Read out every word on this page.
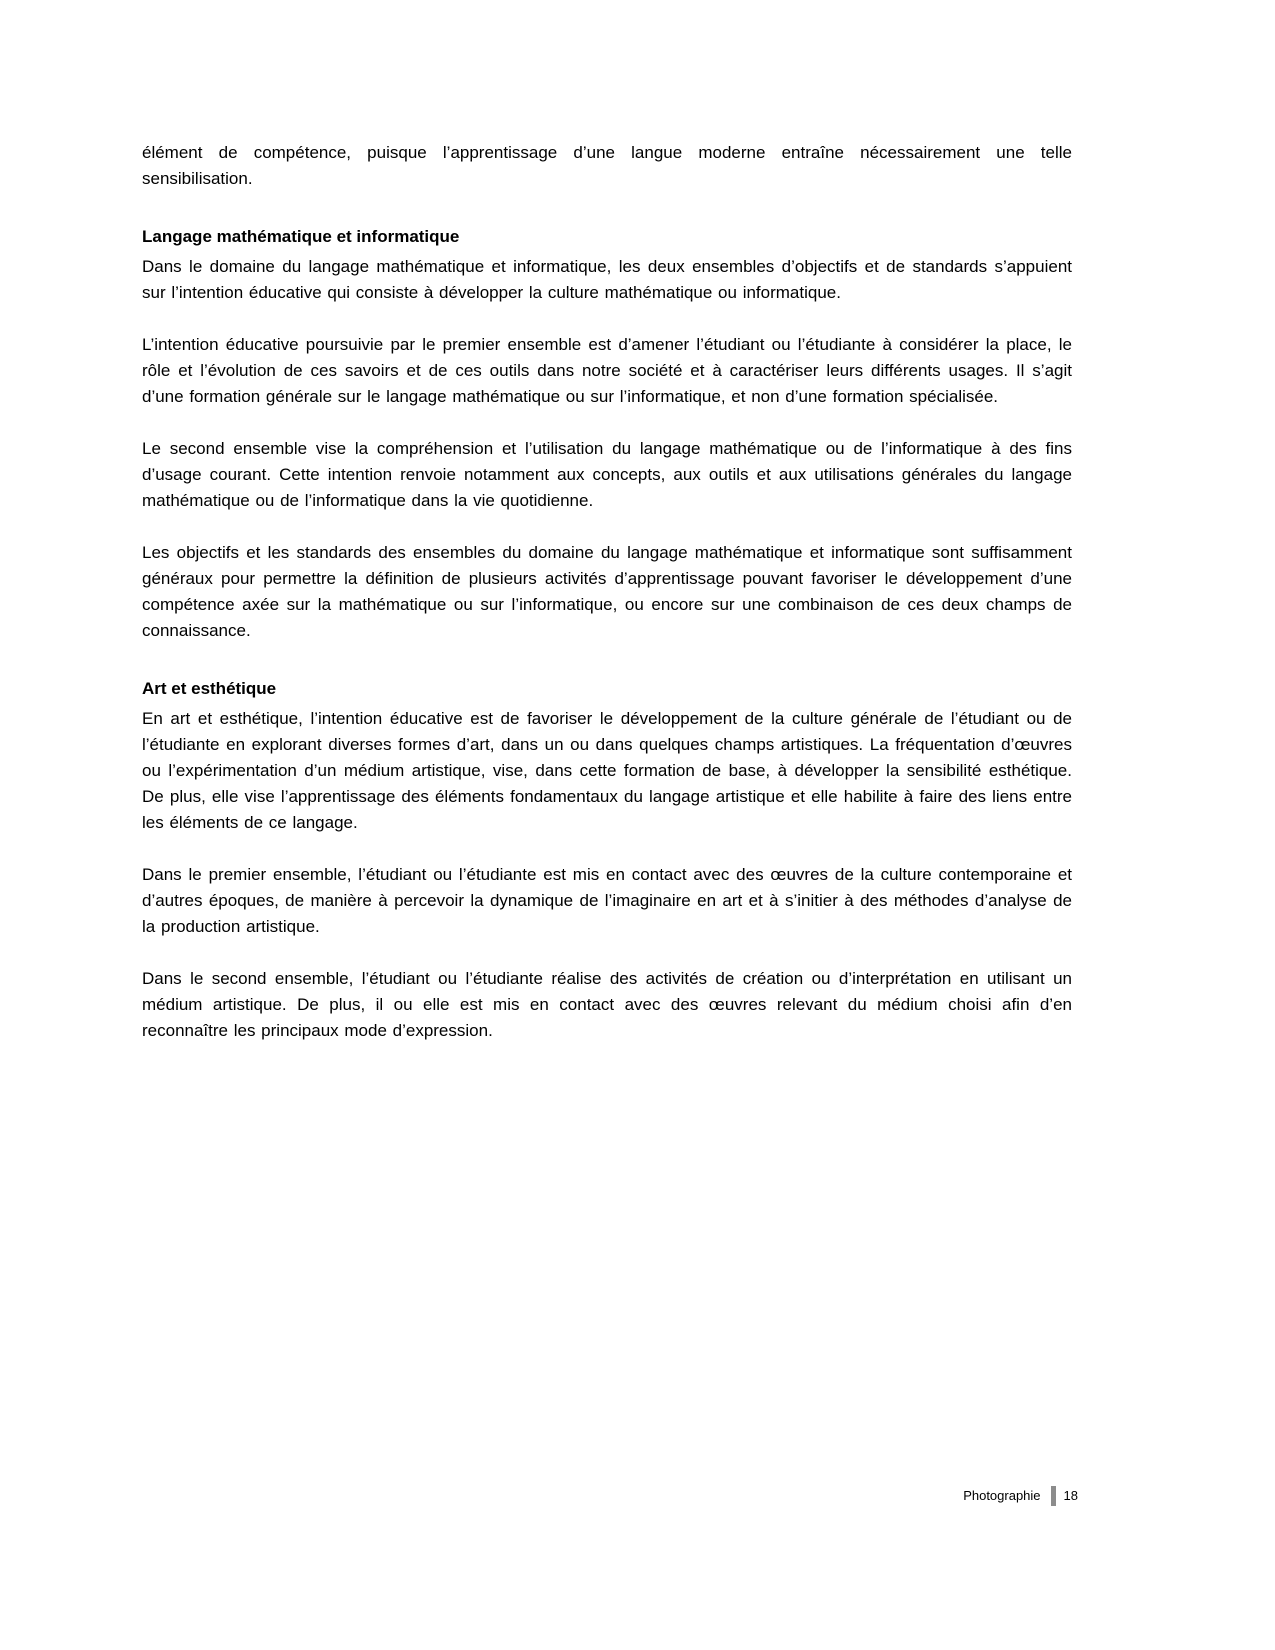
élément de compétence, puisque l’apprentissage d’une langue moderne entraîne nécessairement une telle sensibilisation.

Langage mathématique et informatique

Dans le domaine du langage mathématique et informatique, les deux ensembles d’objectifs et de standards s’appuient sur l’intention éducative qui consiste à développer la culture mathématique ou informatique.

L’intention éducative poursuivie par le premier ensemble est d’amener l’étudiant ou l’étudiante à considérer la place, le rôle et l’évolution de ces savoirs et de ces outils dans notre société et à caractériser leurs différents usages. Il s’agit d’une formation générale sur le langage mathématique ou sur l’informatique, et non d’une formation spécialisée.

Le second ensemble vise la compréhension et l’utilisation du langage mathématique ou de l’informatique à des fins d’usage courant. Cette intention renvoie notamment aux concepts, aux outils et aux utilisations générales du langage mathématique ou de l’informatique dans la vie quotidienne.

Les objectifs et les standards des ensembles du domaine du langage mathématique et informatique sont suffisamment généraux pour permettre la définition de plusieurs activités d’apprentissage pouvant favoriser le développement d’une compétence axée sur la mathématique ou sur l’informatique, ou encore sur une combinaison de ces deux champs de connaissance.

Art et esthétique

En art et esthétique, l’intention éducative est de favoriser le développement de la culture générale de l’étudiant ou de l’étudiante en explorant diverses formes d’art, dans un ou dans quelques champs artistiques. La fréquentation d’œuvres ou l’expérimentation d’un médium artistique, vise, dans cette formation de base, à développer la sensibilité esthétique. De plus, elle vise l’apprentissage des éléments fondamentaux du langage artistique et elle habilite à faire des liens entre les éléments de ce langage.

Dans le premier ensemble, l’étudiant ou l’étudiante est mis en contact avec des œuvres de la culture contemporaine et d’autres époques, de manière à percevoir la dynamique de l’imaginaire en art et à s’initier à des méthodes d’analyse de la production artistique.

Dans le second ensemble, l’étudiant ou l’étudiante réalise des activités de création ou d’interprétation en utilisant un médium artistique. De plus, il ou elle est mis en contact avec des œuvres relevant du médium choisi afin d’en reconnaître les principaux mode d’expression.

Photographie 18
